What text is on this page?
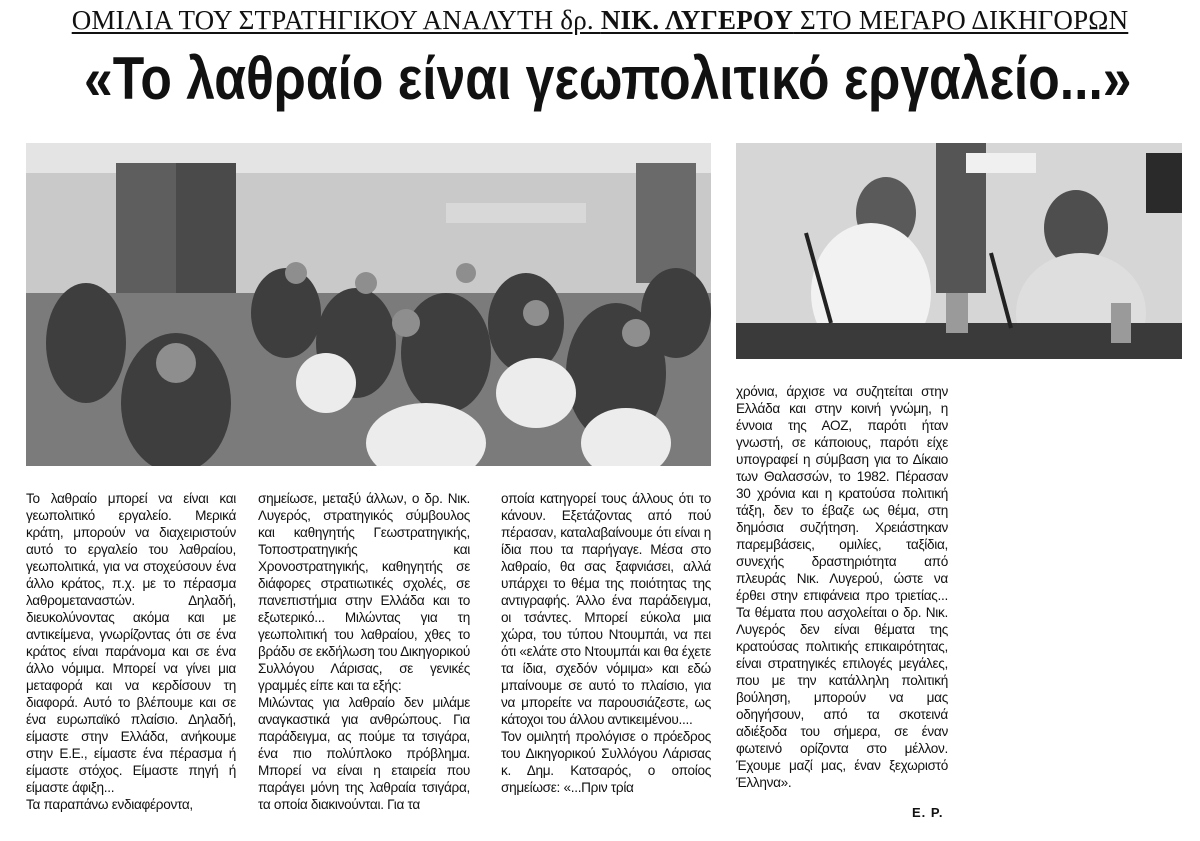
ΟΜΙΛΙΑ ΤΟΥ ΣΤΡΑΤΗΓΙΚΟΥ ΑΝΑΛΥΤΗ δρ. ΝΙΚ. ΛΥΓΕΡΟΥ ΣΤΟ ΜΕΓΑΡΟ ΔΙΚΗΓΟΡΩΝ
«Το λαθραίο είναι γεωπολιτικό εργαλείο...»
Το λαθραίο μπορεί να είναι και γεωπολιτικό εργαλείο. Μερικά κράτη, μπορούν να διαχειριστούν αυτό το εργαλείο του λαθραίου, γεωπολιτικά, για να στοχεύσουν ένα άλλο κράτος, π.χ. με το πέρασμα λαθρομεταναστών. Δηλαδή, διευκολύνοντας ακόμα και με αντικείμενα, γνωρίζοντας ότι σε ένα κράτος είναι παράνομα και σε ένα άλλο νόμιμα. Μπορεί να γίνει μια μεταφορά και να κερδίσουν τη διαφορά. Αυτό το βλέπουμε και σε ένα ευρωπαϊκό πλαίσιο. Δηλαδή, είμαστε στην Ελλάδα, ανήκουμε στην Ε.Ε., είμαστε ένα πέρασμα ή είμαστε στόχος. Είμαστε πηγή ή είμαστε άφιξη...
Τα παραπάνω ενδιαφέροντα,
σημείωσε, μεταξύ άλλων, ο δρ. Νικ. Λυγερός, στρατηγικός σύμβουλος και καθηγητής Γεωστρατηγικής, Τοποστρατηγικής και Χρονοστρατηγικής, καθηγητής σε διάφορες στρατιωτικές σχολές, σε πανεπιστήμια στην Ελλάδα και το εξωτερικό... Μιλώντας για τη γεωπολιτική του λαθραίου, χθες το βράδυ σε εκδήλωση του Δικηγορικού Συλλόγου Λάρισας, σε γενικές γραμμές είπε και τα εξής:
Μιλώντας για λαθραίο δεν μιλάμε αναγκαστικά για ανθρώπους. Για παράδειγμα, ας πούμε τα τσιγάρα, ένα πιο πολύπλοκο πρόβλημα. Μπορεί να είναι η εταιρεία που παράγει μόνη της λαθραία τσιγάρα, τα οποία διακινούνται. Για τα
οποία κατηγορεί τους άλλους ότι το κάνουν. Εξετάζοντας από πού πέρασαν, καταλαβαίνουμε ότι είναι η ίδια που τα παρήγαγε. Μέσα στο λαθραίο, θα σας ξαφνιάσει, αλλά υπάρχει το θέμα της ποιότητας της αντιγραφής. Άλλο ένα παράδειγμα, οι τσάντες. Μπορεί εύκολα μια χώρα, του τύπου Ντουμπάι, να πει ότι «ελάτε στο Ντουμπάι και θα έχετε τα ίδια, σχεδόν νόμιμα» και εδώ μπαίνουμε σε αυτό το πλαίσιο, για να μπορείτε να παρουσιάζεστε, ως κάτοχοι του άλλου αντικειμένου....
Τον ομιλητή προλόγισε ο πρόεδρος του Δικηγορικού Συλλόγου Λάρισας κ. Δημ. Κατσαρός, ο οποίος σημείωσε: «...Πριν τρία
χρόνια, άρχισε να συζητείται στην Ελλάδα και στην κοινή γνώμη, η έννοια της ΑΟΖ, παρότι ήταν γνωστή, σε κάποιους, παρότι είχε υπογραφεί η σύμβαση για το Δίκαιο των Θαλασσών, το 1982. Πέρασαν 30 χρόνια και η κρατούσα πολιτική τάξη, δεν το έβαζε ως θέμα, στη δημόσια συζήτηση. Χρειάστηκαν παρεμβάσεις, ομιλίες, ταξίδια, συνεχής δραστηριότητα από πλευράς Νικ. Λυγερού, ώστε να έρθει στην επιφάνεια προ τριετίας... Τα θέματα που ασχολείται ο δρ. Νικ. Λυγερός δεν είναι θέματα της κρατούσας πολιτικής επικαιρότητας, είναι στρατηγικές επιλογές μεγάλες, που με την κατάλληλη πολιτική βούληση, μπορούν να μας οδηγήσουν, από τα σκοτεινά αδιέξοδα του σήμερα, σε έναν φωτεινό ορίζοντα στο μέλλον. Έχουμε μαζί μας, έναν ξεχωριστό Έλληνα».
Ε. Ρ.
